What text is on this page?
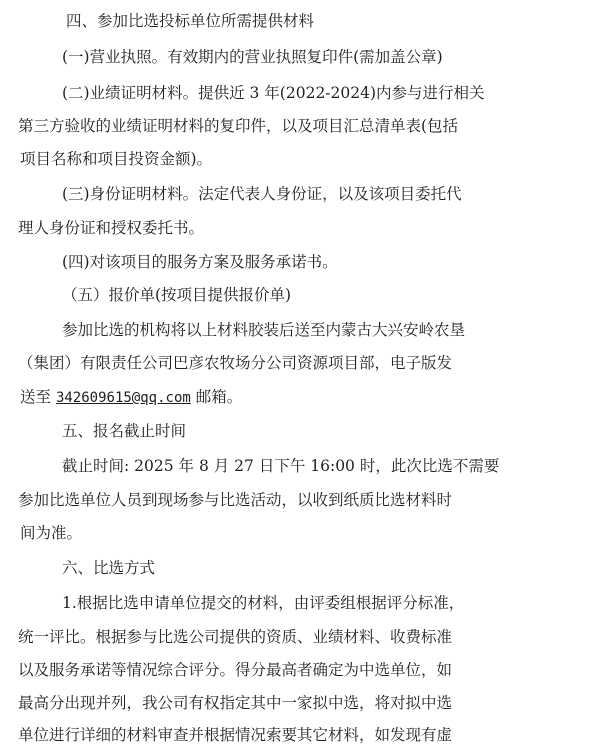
四、参加比选投标单位所需提供材料
(一)营业执照。有效期内的营业执照复印件(需加盖公章)
(二)业绩证明材料。提供近 3 年(2022-2024)内参与进行相关
第三方验收的业绩证明材料的复印件，以及项目汇总清单表(包括
项目名称和项目投资金额)。
(三)身份证明材料。法定代表人身份证，以及该项目委托代
理人身份证和授权委托书。
(四)对该项目的服务方案及服务承诺书。
（五）报价单(按项目提供报价单)
参加比选的机构将以上材料胶装后送至内蒙古大兴安岭农垦
（集团）有限责任公司巴彦农牧场分公司资源项目部，电子版发
送至 342609615@qq.com 邮箱。
五、报名截止时间
截止时间: 2025 年 8 月 27 日下午 16:00 时，此次比选不需要
参加比选单位人员到现场参与比选活动，以收到纸质比选材料时
间为准。
六、比选方式
1.根据比选申请单位提交的材料，由评委组根据评分标准，
统一评比。根据参与比选公司提供的资质、业绩材料、收费标准
以及服务承诺等情况综合评分。得分最高者确定为中选单位，如
最高分出现并列，我公司有权指定其中一家拟中选，将对拟中选
单位进行详细的材料审查并根据情况索要其它材料，如发现有虚
